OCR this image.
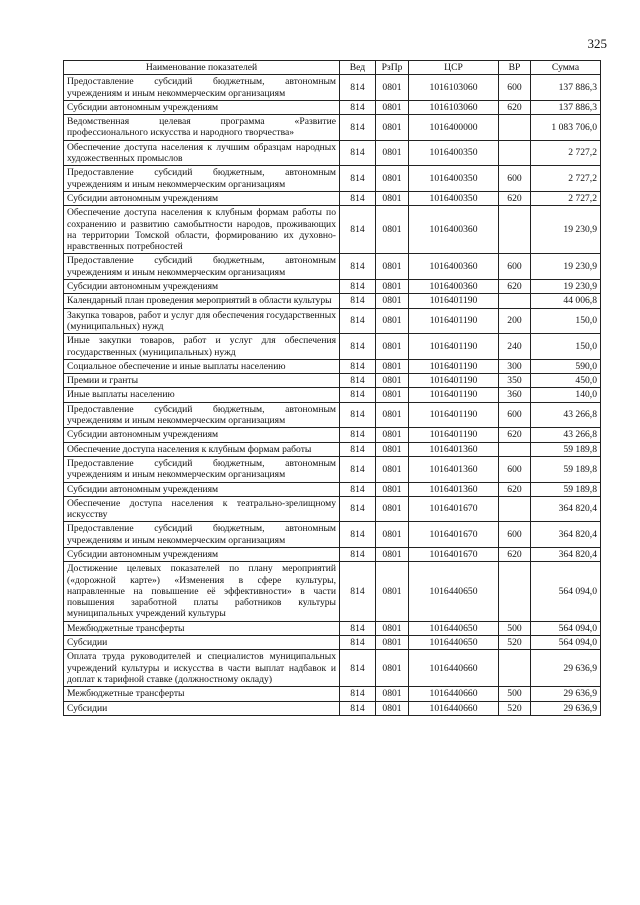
325
Наименование показателей	Вед	РзПр	ЦСР	ВР	Сумма
Предоставление субсидий бюджетным, автономным учреждениям и иным некоммерческим организациям	814	0801	1016103060	600	137 886,3
Субсидии автономным учреждениям	814	0801	1016103060	620	137 886,3
Ведомственная целевая программа «Развитие профессионального искусства и народного творчества»	814	0801	1016400000		1 083 706,0
Обеспечение доступа населения к лучшим образцам народных художественных промыслов	814	0801	1016400350		2 727,2
Предоставление субсидий бюджетным, автономным учреждениям и иным некоммерческим организациям	814	0801	1016400350	600	2 727,2
Субсидии автономным учреждениям	814	0801	1016400350	620	2 727,2
Обеспечение доступа населения к клубным формам работы по сохранению и развитию самобытности народов, проживающих на территории Томской области, формированию их духовно-нравственных потребностей	814	0801	1016400360		19 230,9
Предоставление субсидий бюджетным, автономным учреждениям и иным некоммерческим организациям	814	0801	1016400360	600	19 230,9
Субсидии автономным учреждениям	814	0801	1016400360	620	19 230,9
Календарный план проведения мероприятий в области культуры	814	0801	1016401190		44 006,8
Закупка товаров, работ и услуг для обеспечения государственных (муниципальных) нужд	814	0801	1016401190	200	150,0
Иные закупки товаров, работ и услуг для обеспечения государственных (муниципальных) нужд	814	0801	1016401190	240	150,0
Социальное обеспечение и иные выплаты населению	814	0801	1016401190	300	590,0
Премии и гранты	814	0801	1016401190	350	450,0
Иные выплаты населению	814	0801	1016401190	360	140,0
Предоставление субсидий бюджетным, автономным учреждениям и иным некоммерческим организациям	814	0801	1016401190	600	43 266,8
Субсидии автономным учреждениям	814	0801	1016401190	620	43 266,8
Обеспечение доступа населения к клубным формам работы	814	0801	1016401360		59 189,8
Предоставление субсидий бюджетным, автономным учреждениям и иным некоммерческим организациям	814	0801	1016401360	600	59 189,8
Субсидии автономным учреждениям	814	0801	1016401360	620	59 189,8
Обеспечение доступа населения к театрально-зрелищному искусству	814	0801	1016401670		364 820,4
Предоставление субсидий бюджетным, автономным учреждениям и иным некоммерческим организациям	814	0801	1016401670	600	364 820,4
Субсидии автономным учреждениям	814	0801	1016401670	620	364 820,4
Достижение целевых показателей по плану мероприятий («дорожной карте») «Изменения в сфере культуры, направленные на повышение её эффективности» в части повышения заработной платы работников культуры муниципальных учреждений культуры	814	0801	1016440650		564 094,0
Межбюджетные трансферты	814	0801	1016440650	500	564 094,0
Субсидии	814	0801	1016440650	520	564 094,0
Оплата труда руководителей и специалистов муниципальных учреждений культуры и искусства в части выплат надбавок и доплат к тарифной ставке (должностному окладу)	814	0801	1016440660		29 636,9
Межбюджетные трансферты	814	0801	1016440660	500	29 636,9
Субсидии	814	0801	1016440660	520	29 636,9
